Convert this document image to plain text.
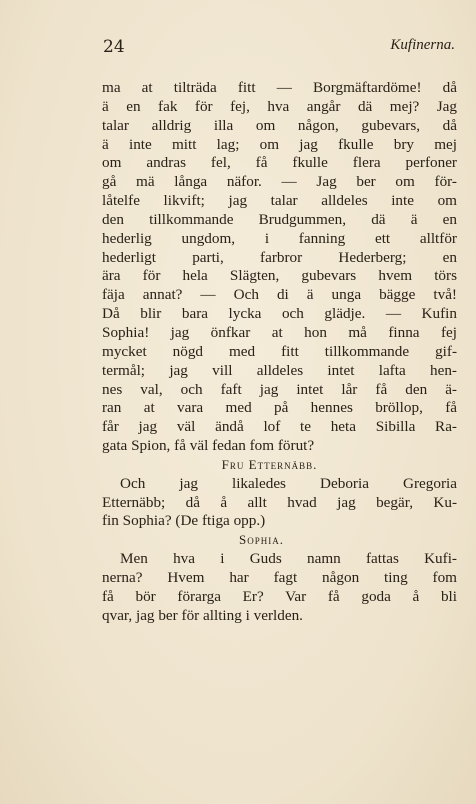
24	Kufinerna.
ma at tilträda fitt — Borgmäftardöme! då
ä en fak för fej, hva angår dä mej? Jag
talar alldrig illa om någon, gubevars, då
ä inte mitt lag; om jag fkulle bry mej
om andras fel, få fkulle flera perfoner
gå mä långa näfor. — Jag ber om för-
låtelfe likvift; jag talar alldeles inte om
den tillkommande Brudgummen, dä ä en
hederlig ungdom, i fanning ett alltför
hederligt parti, farbror Hederberg; en
ära för hela Slägten, gubevars hvem törs
fäja annat? — Och di ä unga bägge två!
Då blir bara lycka och glädje. — Kufin
Sophia! jag önfkar at hon må finna fej
mycket nögd med fitt tillkommande gif-
termål; jag vill alldeles intet lafta hen-
nes val, och faft jag intet lår få den ä-
ran at vara med på hennes bröllop, få
får jag väl ändå lof te heta Sibilla Ra-
gata Spion, få väl fedan fom förut?
Fru Etternäbb.
Och jag likaledes Deboria Gregoria
Etternäbb; då å allt hvad jag begär, Ku-
fin Sophia? (De ftiga opp.)
Sophia.
Men hva i Guds namn fattas Kufi-
nerna? Hvem har fagt någon ting fom
få bör förarga Er? Var få goda å bli
qvar, jag ber för allting i verlden.
